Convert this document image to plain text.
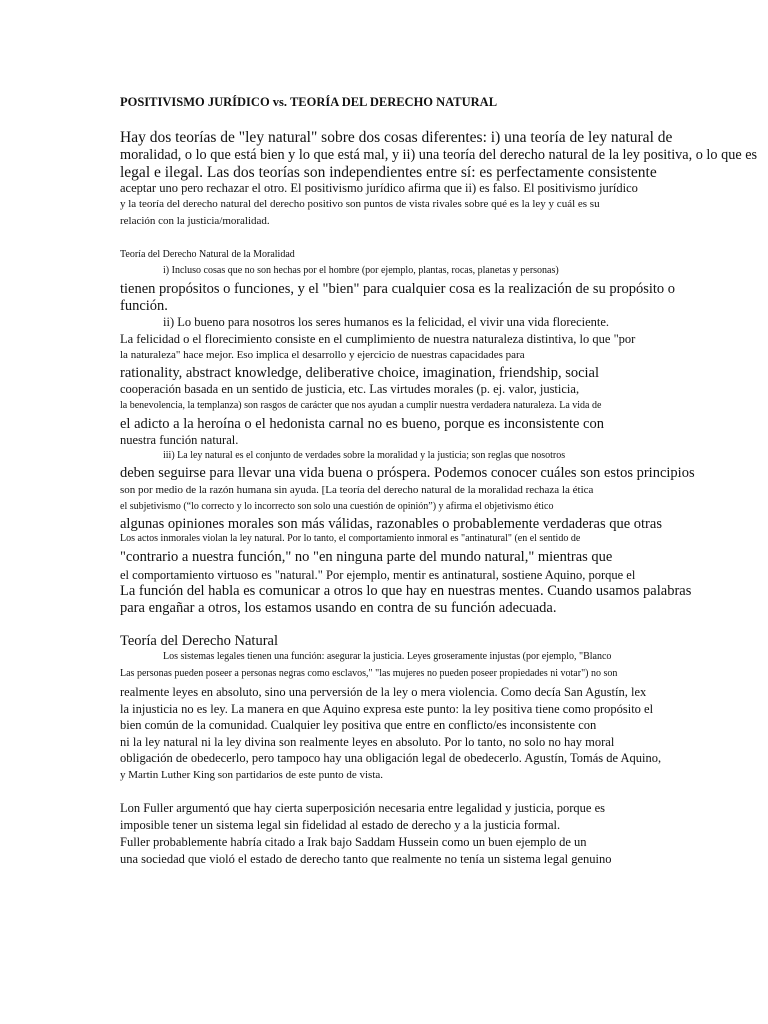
POSITIVISMO JURÍDICO vs. TEORÍA DEL DERECHO NATURAL

Hay dos teorías de "ley natural" sobre dos cosas diferentes: i) una teoría de ley natural de

moralidad, o lo que está bien y lo que está mal, y ii) una teoría del derecho natural de la ley positiva, o lo que es

legal e ilegal. Las dos teorías son independientes entre sí: es perfectamente consistente

aceptar uno pero rechazar el otro. El positivismo jurídico afirma que ii) es falso. El positivismo jurídico

y la teoría del derecho natural del derecho positivo son puntos de vista rivales sobre qué es la ley y cuál es su

relación con la justicia/moralidad.

Teoría del Derecho Natural de la Moralidad

i) Incluso cosas que no son hechas por el hombre (por ejemplo, plantas, rocas, planetas y personas)

tienen propósitos o funciones, y el "bien" para cualquier cosa es la realización de su propósito o

función.

ii) Lo bueno para nosotros los seres humanos es la felicidad, el vivir una vida floreciente.

La felicidad o el florecimiento consiste en el cumplimiento de nuestra naturaleza distintiva, lo que "por

la naturaleza" hace mejor. Eso implica el desarrollo y ejercicio de nuestras capacidades para

rationality, abstract knowledge, deliberative choice, imagination, friendship, social

cooperación basada en un sentido de justicia, etc. Las virtudes morales (p. ej. valor, justicia,

la benevolencia, la templanza) son rasgos de carácter que nos ayudan a cumplir nuestra verdadera naturaleza. La vida de

el adicto a la heroína o el hedonista carnal no es bueno, porque es inconsistente con

nuestra función natural.

iii) La ley natural es el conjunto de verdades sobre la moralidad y la justicia; son reglas que nosotros

deben seguirse para llevar una vida buena o próspera. Podemos conocer cuáles son estos principios

son por medio de la razón humana sin ayuda. [La teoría del derecho natural de la moralidad rechaza la ética

el subjetivismo (“lo correcto y lo incorrecto son solo una cuestión de opinión”) y afirma el objetivismo ético

algunas opiniones morales son más válidas, razonables o probablemente verdaderas que otras

Los actos inmorales violan la ley natural. Por lo tanto, el comportamiento inmoral es "antinatural" (en el sentido de

"contrario a nuestra función," no "en ninguna parte del mundo natural," mientras que

el comportamiento virtuoso es "natural." Por ejemplo, mentir es antinatural, sostiene Aquino, porque el

La función del habla es comunicar a otros lo que hay en nuestras mentes. Cuando usamos palabras

para engañar a otros, los estamos usando en contra de su función adecuada.

Teoría del Derecho Natural

Los sistemas legales tienen una función: asegurar la justicia. Leyes groseramente injustas (por ejemplo, "Blanco

Las personas pueden poseer a personas negras como esclavos," "las mujeres no pueden poseer propiedades ni votar") no son

realmente leyes en absoluto, sino una perversión de la ley o mera violencia. Como decía San Agustín, lex

la injusticia no es ley. La manera en que Aquino expresa este punto: la ley positiva tiene como propósito el

bien común de la comunidad. Cualquier ley positiva que entre en conflicto/es inconsistente con

ni la ley natural ni la ley divina son realmente leyes en absoluto. Por lo tanto, no solo no hay moral

obligación de obedecerlo, pero tampoco hay una obligación legal de obedecerlo. Agustín, Tomás de Aquino,

y Martin Luther King son partidarios de este punto de vista.

Lon Fuller argumentó que hay cierta superposición necesaria entre legalidad y justicia, porque es

imposible tener un sistema legal sin fidelidad al estado de derecho y a la justicia formal.

Fuller probablemente habría citado a Irak bajo Saddam Hussein como un buen ejemplo de un

una sociedad que violó el estado de derecho tanto que realmente no tenía un sistema legal genuino
